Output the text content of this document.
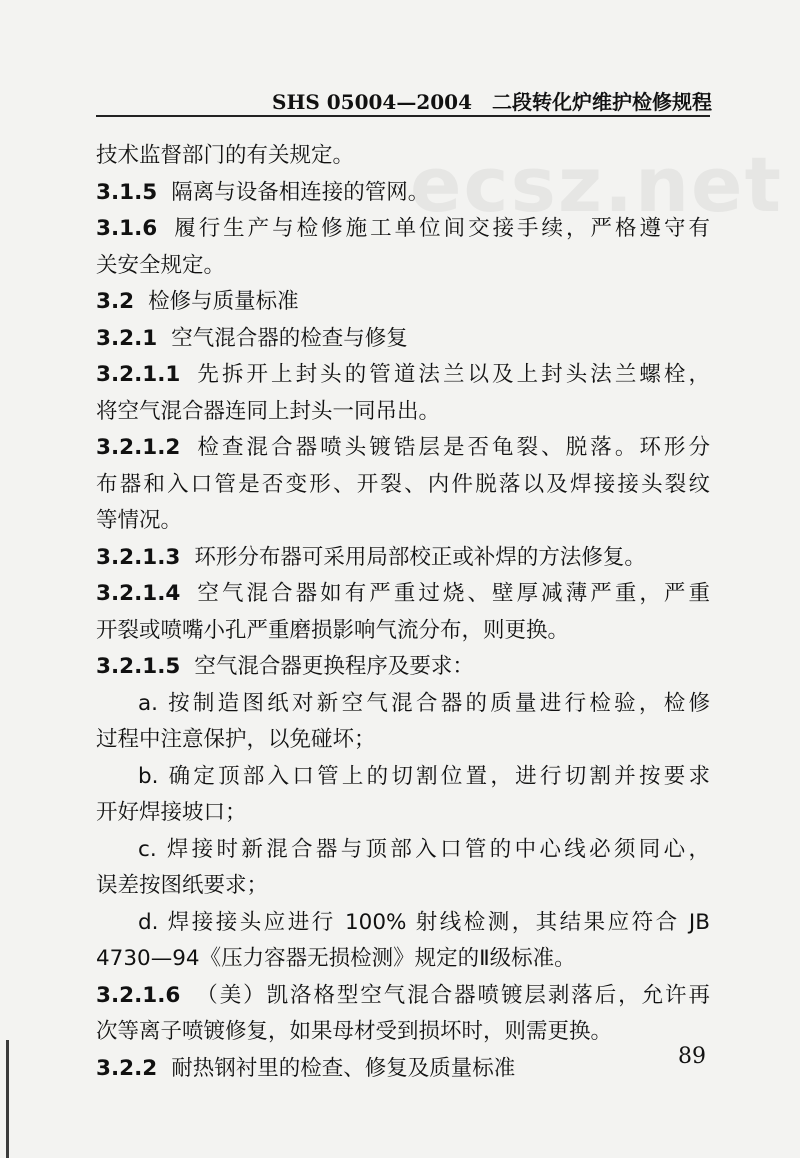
SHS 05004—2004　二段转化炉维护检修规程
ecsz.net
技术监督部门的有关规定。
3.1.5 隔离与设备相连接的管网。
3.1.6 履行生产与检修施工单位间交接手续，严格遵守有
关安全规定。
3.2 检修与质量标准
3.2.1 空气混合器的检查与修复
3.2.1.1 先拆开上封头的管道法兰以及上封头法兰螺栓，
将空气混合器连同上封头一同吊出。
3.2.1.2 检查混合器喷头镀锆层是否龟裂、脱落。环形分
布器和入口管是否变形、开裂、内件脱落以及焊接接头裂纹
等情况。
3.2.1.3 环形分布器可采用局部校正或补焊的方法修复。
3.2.1.4 空气混合器如有严重过烧、壁厚减薄严重，严重
开裂或喷嘴小孔严重磨损影响气流分布，则更换。
3.2.1.5 空气混合器更换程序及要求：
a. 按制造图纸对新空气混合器的质量进行检验，检修
过程中注意保护，以免碰坏；
b. 确定顶部入口管上的切割位置，进行切割并按要求
开好焊接坡口；
c. 焊接时新混合器与顶部入口管的中心线必须同心，
误差按图纸要求；
d. 焊接接头应进行 100% 射线检测，其结果应符合 JB
4730—94《压力容器无损检测》规定的Ⅱ级标准。
3.2.1.6 （美）凯洛格型空气混合器喷镀层剥落后，允许再
次等离子喷镀修复，如果母材受到损坏时，则需更换。
3.2.2 耐热钢衬里的检查、修复及质量标准	89
